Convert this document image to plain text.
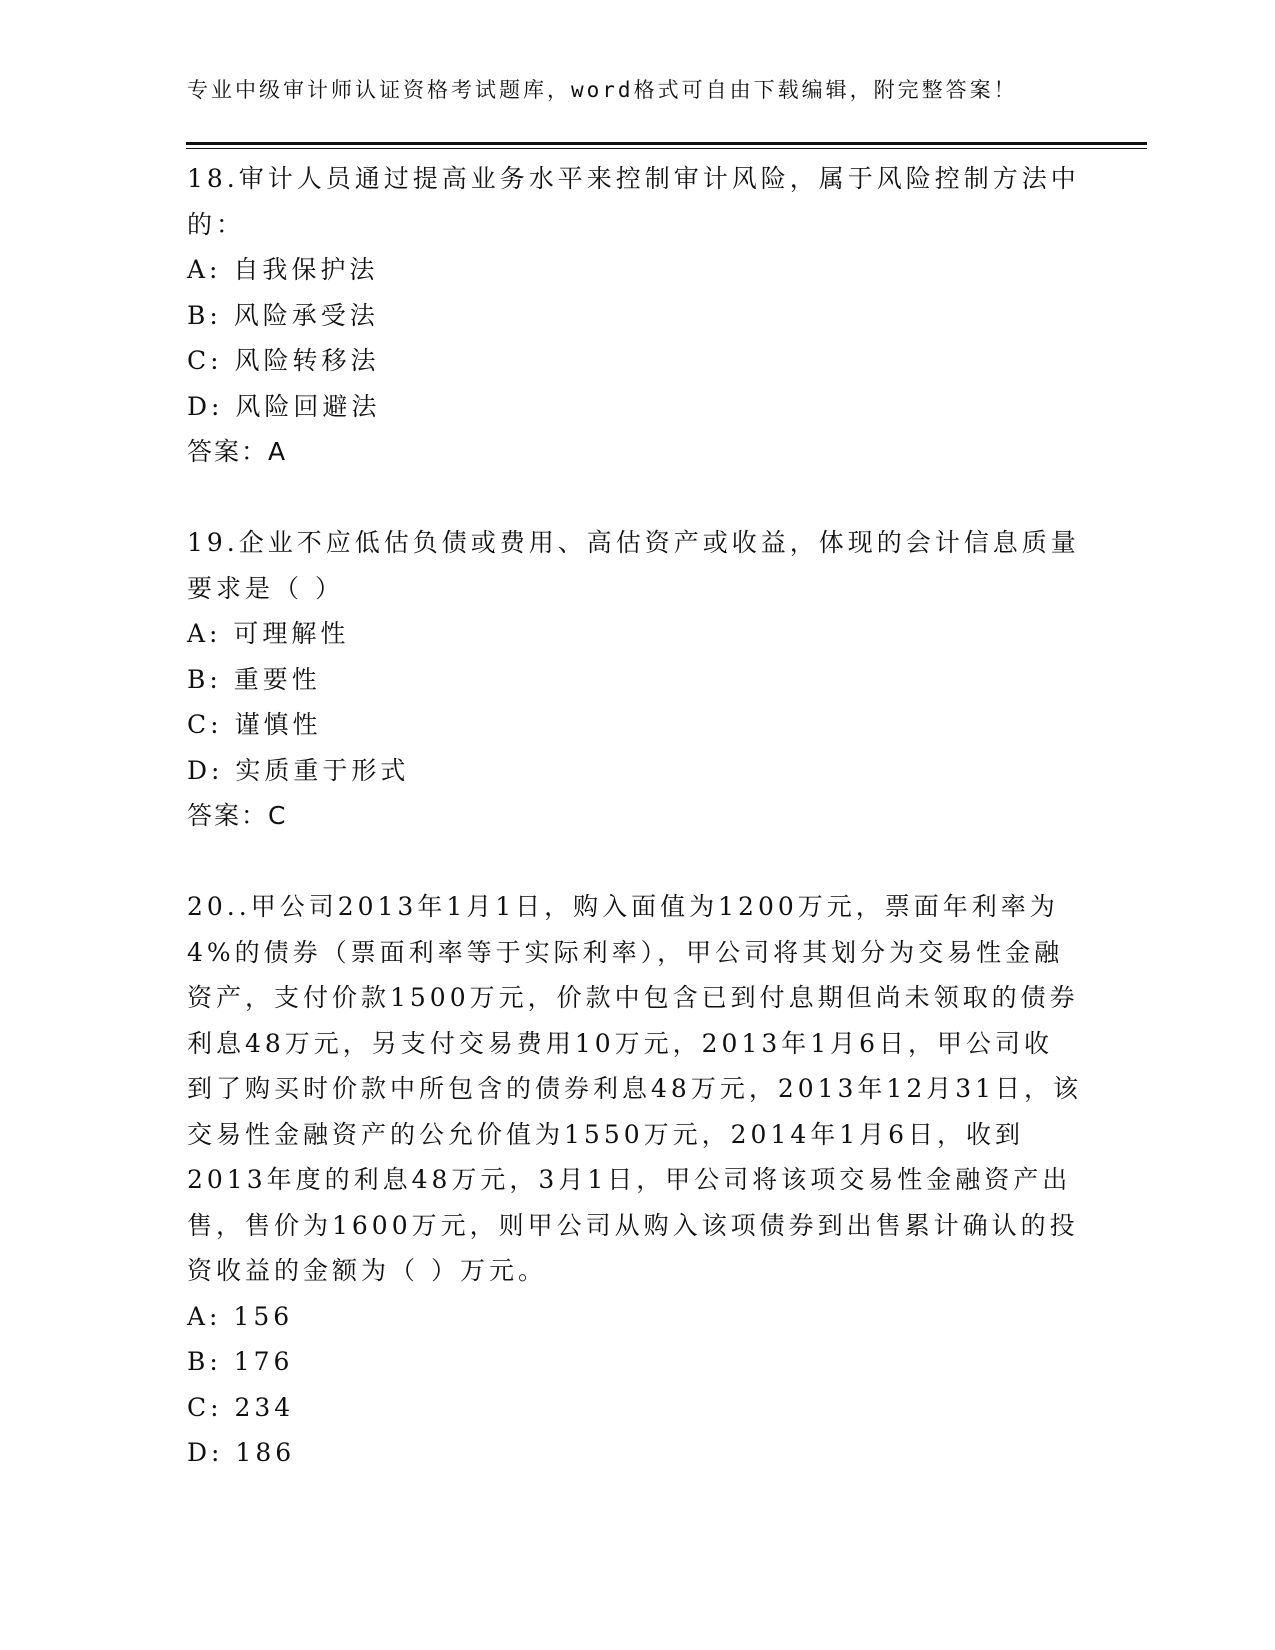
专业中级审计师认证资格考试题库，word格式可自由下载编辑，附完整答案！
18.审计人员通过提高业务水平来控制审计风险，属于风险控制方法中
的：
A: 自我保护法
B: 风险承受法
C: 风险转移法
D: 风险回避法
答案：A
19.企业不应低估负债或费用、高估资产或收益，体现的会计信息质量
要求是（ ）
A: 可理解性
B: 重要性
C: 谨慎性
D: 实质重于形式
答案：C
20..甲公司2013年1月1日，购入面值为1200万元，票面年利率为
4%的债券（票面利率等于实际利率），甲公司将其划分为交易性金融
资产，支付价款1500万元，价款中包含已到付息期但尚未领取的债券
利息48万元，另支付交易费用10万元，2013年1月6日，甲公司收
到了购买时价款中所包含的债券利息48万元，2013年12月31日，该
交易性金融资产的公允价值为1550万元，2014年1月6日，收到
2013年度的利息48万元，3月1日，甲公司将该项交易性金融资产出
售，售价为1600万元，则甲公司从购入该项债券到出售累计确认的投
资收益的金额为（ ）万元。
A: 156
B: 176
C: 234
D: 186
